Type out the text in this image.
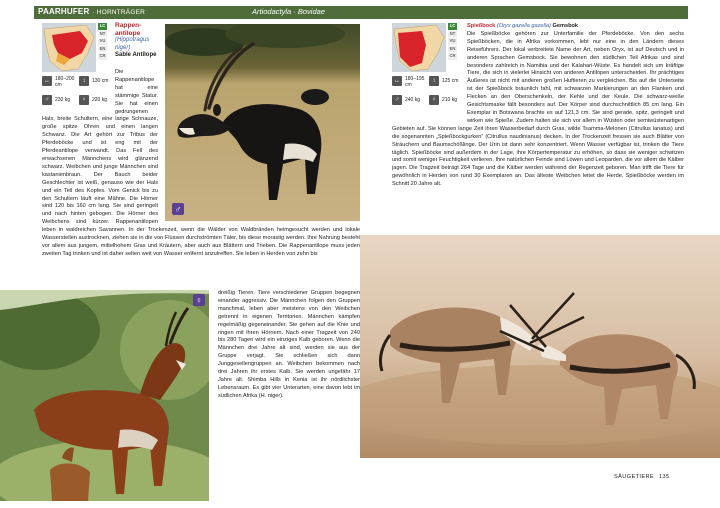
PAARHUFER · HORNTRÄGER	Artiodactyla · Bovidae
LC
NT
VU
EN
CR
↔	180–200 cm
↕	130 cm
♂	230 kg	♀	220 kg
Rappen-antilope
(Hippotragus niger)
Sable Antilope
Die Rappenantilope hat eine stämmige Statur. Sie hat einen gedrungenen Hals, breite Schultern, eine lange Schnauze, große spitze Ohren und einen langen Schwanz. Die Art gehört zur Tribus der Pferdeböcke und ist eng mit der Pferdeantilope verwandt. Das Fell des erwachsenen Männchens wird glänzend schwarz. Weibchen und junge Männchen sind kastanienbraun. Der Bauch beider Geschlechter ist weiß, genauso wie der Hals und ein Teil des Kopfes. Vom Genick bis zu den Schultern läuft eine Mähne. Die Hörner sind 120 bis 160 cm lang. Sie sind geringelt und nach hinten gebogen. Die Hörner des Weibchens sind kürzer. Rappenantilopen leben in waldreichen Savannen. In der Trockenzeit, wenn die Wälder von Waldbränden heimgesucht werden und lokale Wasserstellen austrocknen, ziehen sie in die von Flüssen durchströmten Täler, bis diese morastig werden. Ihre Nahrung besteht vor allem aus jungem, mittelhohem Gras und Kräutern, aber auch aus Blättern und Trieben. Die Rappenantilope muss jeden zweiten Tag trinken und ist daher selten weit von Wasser entfernt anzutreffen. Sie leben in Herden von zehn bis
♂
♀
dreißig Tieren. Tiere verschiedener Gruppen begegnen einander aggressiv. Die Männchen folgen den Gruppen manchmal, leben aber meistens von den Weibchen getrennt in eigenen Territorien. Männchen kämpfen regelmäßig gegeneinander. Sie gehen auf die Knie und ringen mit ihren Hörnern. Nach einer Tragzeit von 240 bis 280 Tagen wird ein einziges Kalb geboren. Wenn die Männchen drei Jahre alt sind, werden sie aus der Gruppe verjagt. Sie schließen sich dann Junggesellengruppen an. Weibchen bekommen nach drei Jahren ihr erstes Kalb. Sie werden ungefähr 17 Jahre alt. Shimba Hills in Kenia ist ihr nördlichster Lebensraum. Es gibt vier Unterarten, eine davon lebt im südlichen Afrika (H. niger).
LC
NT
VU
EN
CR
↔	180–195 cm
↕	125 cm
♂	240 kg	♀	210 kg
Spießbock (Oryx gazella gazella) Gemsbok
Die Spießböcke gehören zur Unterfamilie der Pferdeböcke. Von den sechs Spießböcken, die in Afrika vorkommen, lebt nur eine in den Ländern dieses Reiseführers. Der lokal verbreitete Name der Art, neben Oryx, ist auf Deutsch und in anderen Sprachen Gemsbock. Sie bewohnen den südlichen Teil Afrikas und sind besonders zahlreich in Namibia und der Kalahari-Wüste. Es handelt sich um kräftige Tiere, die sich in vielerlei Hinsicht von anderen Antilopen unterscheiden. Ihr prächtiges Äußeres ist nicht mit anderen großen Huftieren zu vergleichen. Bis auf die Unterseite ist der Spießbock bräunlich fahl, mit schwarzen Markierungen an den Flanken und Flecken an den Oberschenkeln, der Kehle und der Keule. Die schwarz-weiße Gesichtsmaske fällt besonders auf. Der Körper sind durchschnittlich 85 cm lang. Ein Exemplar in Botswana brachte es auf 121,3 cm. Sie sind gerade, spitz, geringelt und wirken wie Spieße. Zudem halten sie sich vor allem in Wüsten oder semiwüstenartigen Gebieten auf. Sie können lange Zeit ihren Wasserbedarf durch Gras, wilde Tsamma-Melonen (Citrullus lanatus) und die sogenannten „Spießbockgurken“ (Citrullus naudinianus) decken. In der Trockenzeit fressen sie auch Blätter von Sträuchern und Baumschößlinge. Der Urin ist dann sehr konzentriert. Wenn Wasser verfügbar ist, trinken die Tiere täglich. Spießböcke sind außerdem in der Lage, ihre Körpertemperatur zu erhöhen, so dass sie weniger schwitzen und somit weniger Feuchtigkeit verlieren. Ihre natürlichen Feinde sind Löwen und Leoparden, die vor allem die Kälber jagen. Die Tragzeit beträgt 264 Tage und die Kälber werden während der Regenzeit geboren. Man trifft die Tiere für gewöhnlich in Herden von rund 30 Exemplaren an. Das älteste Weibchen leitet die Herde. Spießböcke werden im Schnitt 20 Jahre alt.
SÄUGETIERE 135
